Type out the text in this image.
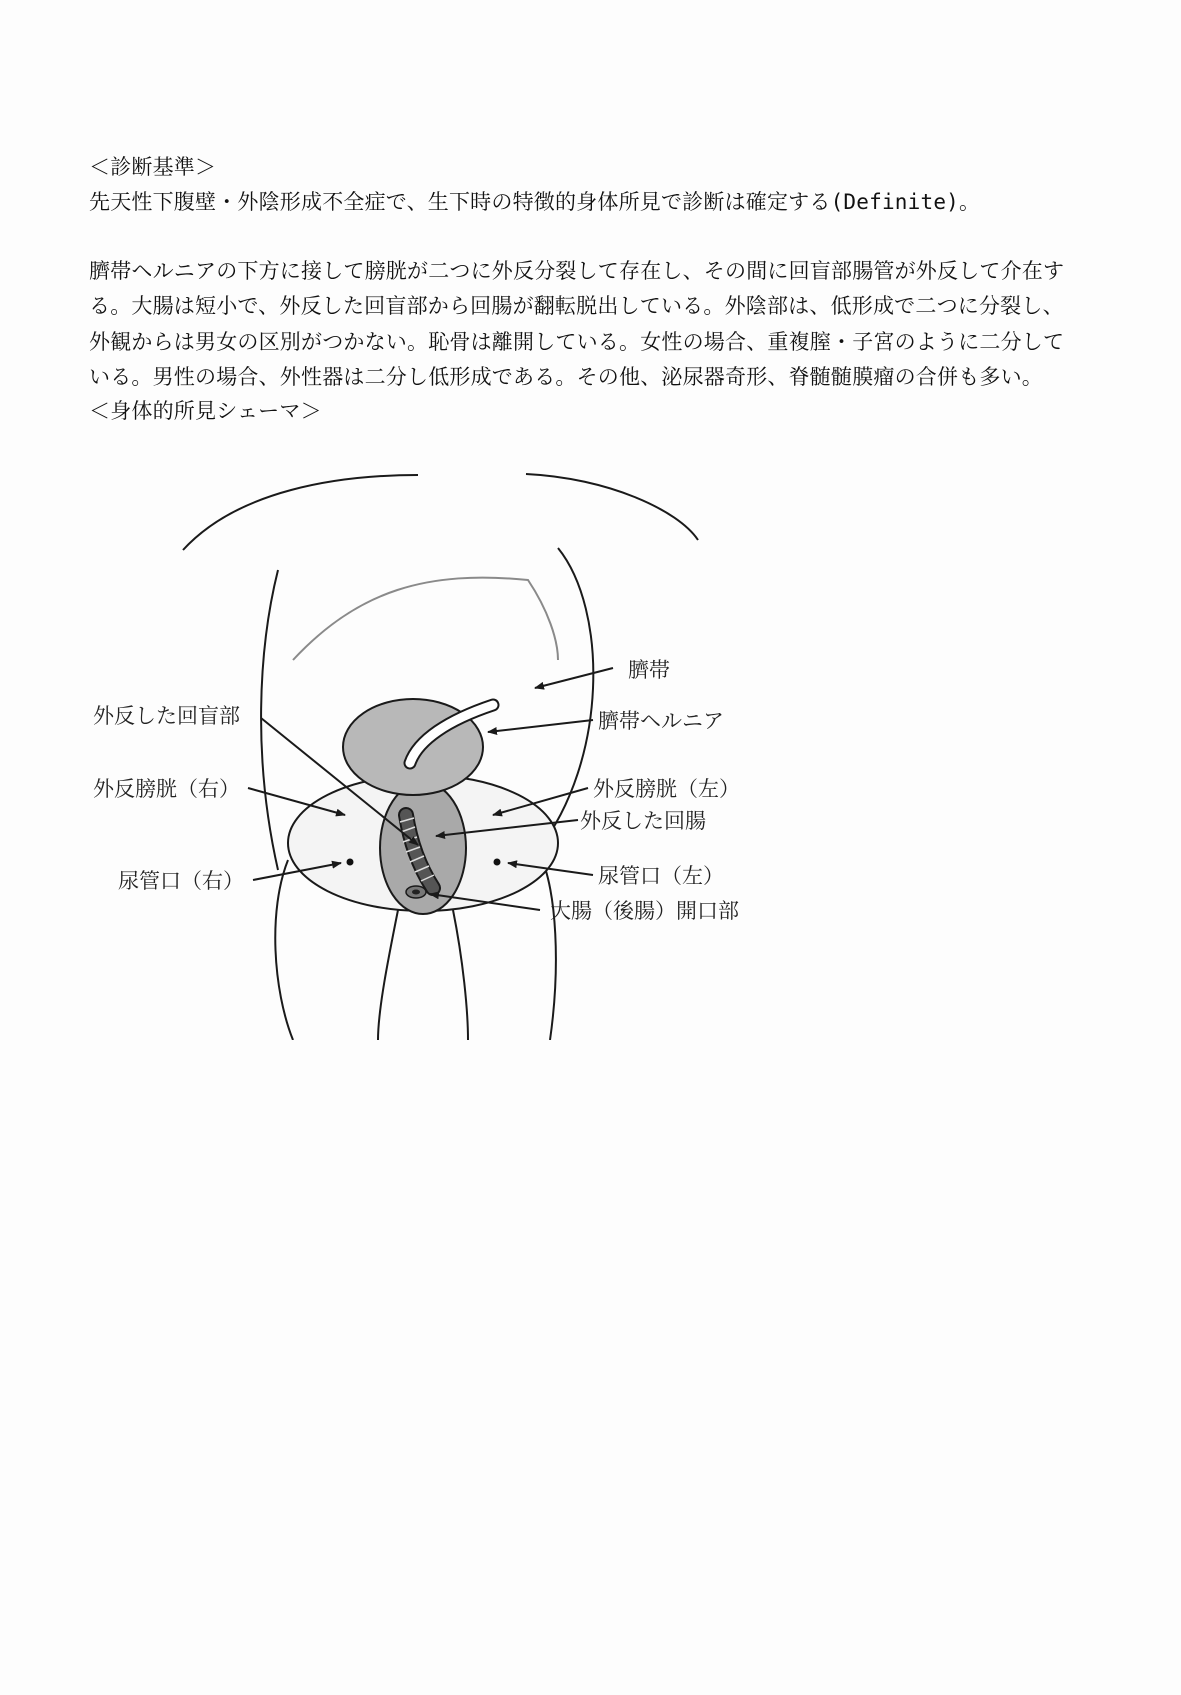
＜診断基準＞
先天性下腹壁・外陰形成不全症で、生下時の特徴的身体所見で診断は確定する(Definite)。
臍帯ヘルニアの下方に接して膀胱が二つに外反分裂して存在し、その間に回盲部腸管が外反して介在す
る。大腸は短小で、外反した回盲部から回腸が翻転脱出している。外陰部は、低形成で二つに分裂し、
外観からは男女の区別がつかない。恥骨は離開している。女性の場合、重複膣・子宮のように二分して
いる。男性の場合、外性器は二分し低形成である。その他、泌尿器奇形、脊髄髄膜瘤の合併も多い。
＜身体的所見シェーマ＞
臍帯
臍帯ヘルニア
外反した回盲部
外反膀胱（右）	外反膀胱（左）
外反した回腸
尿管口（右）	尿管口（左）
大腸（後腸）開口部
